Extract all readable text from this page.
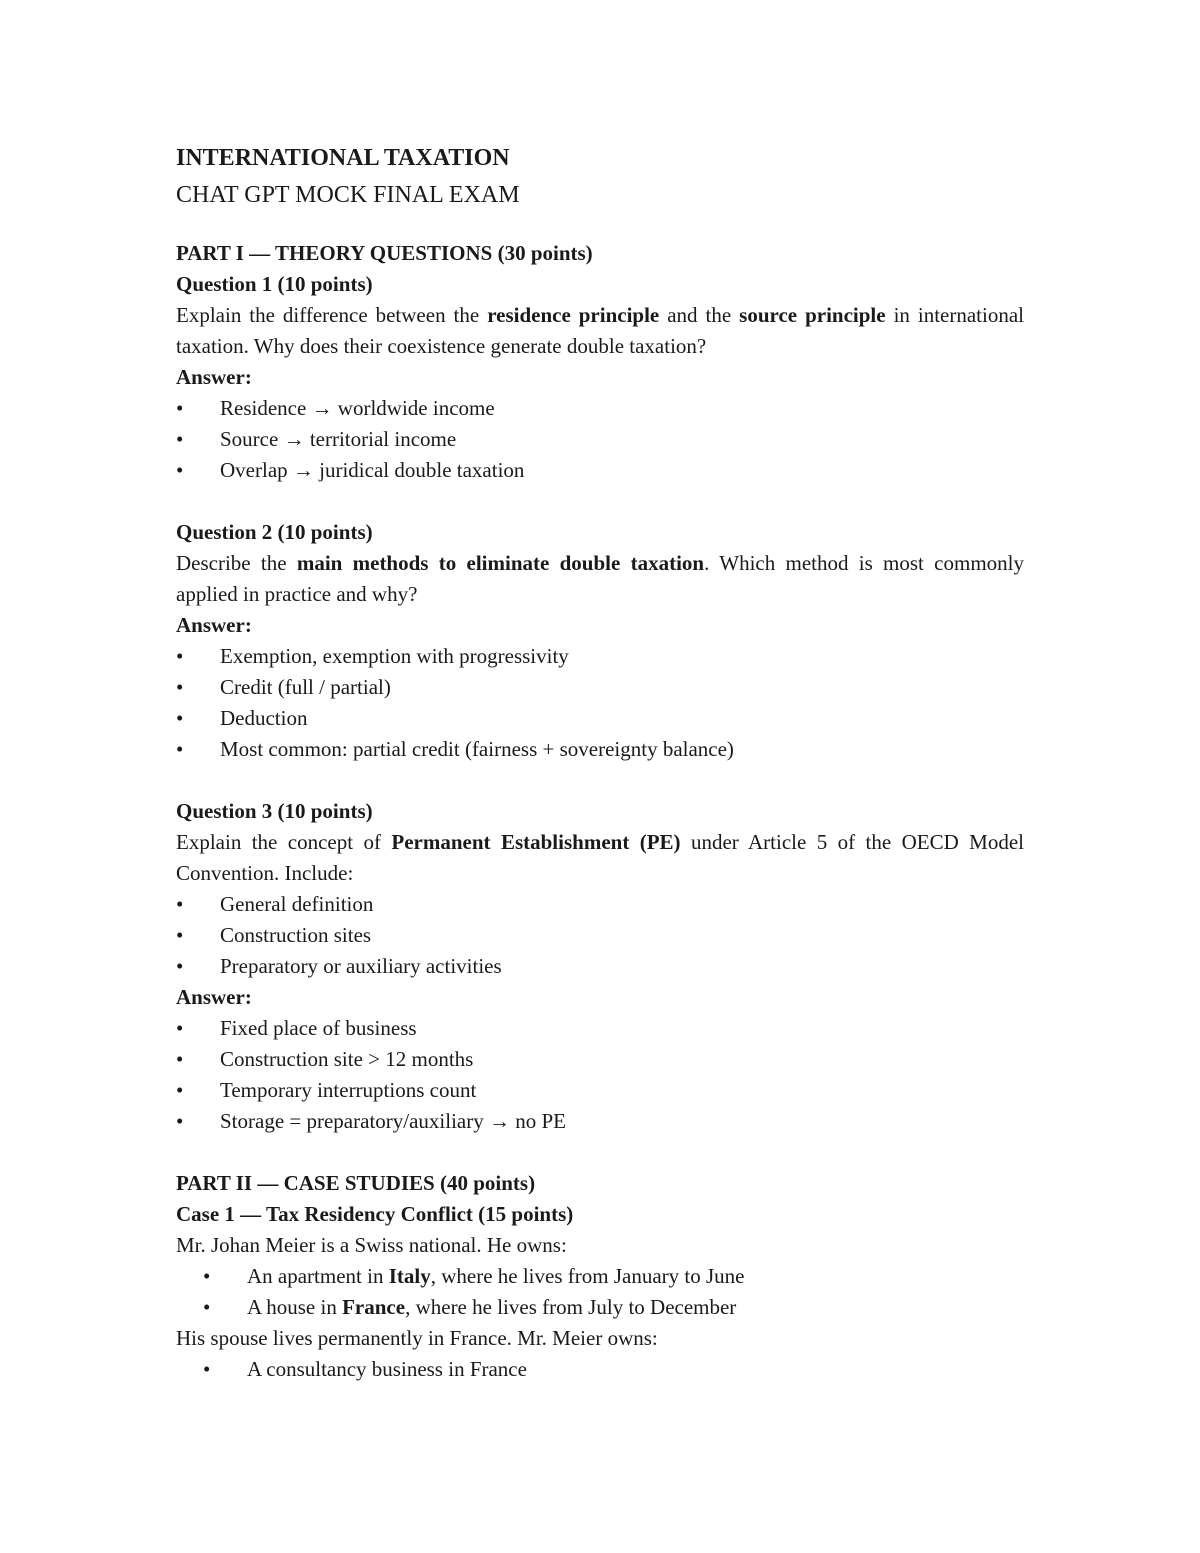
INTERNATIONAL TAXATION

CHAT GPT MOCK FINAL EXAM

PART I — THEORY QUESTIONS (30 points)

Question 1 (10 points)

Explain the difference between the residence principle and the source principle in international taxation. Why does their coexistence generate double taxation?

Answer:

• Residence → worldwide income
• Source → territorial income
• Overlap → juridical double taxation

Question 2 (10 points)

Describe the main methods to eliminate double taxation. Which method is most commonly applied in practice and why?

Answer:

• Exemption, exemption with progressivity
• Credit (full / partial)
• Deduction
• Most common: partial credit (fairness + sovereignty balance)

Question 3 (10 points)

Explain the concept of Permanent Establishment (PE) under Article 5 of the OECD Model Convention. Include:

• General definition
• Construction sites
• Preparatory or auxiliary activities

Answer:

• Fixed place of business
• Construction site > 12 months
• Temporary interruptions count
• Storage = preparatory/auxiliary → no PE

PART II — CASE STUDIES (40 points)

Case 1 — Tax Residency Conflict (15 points)

Mr. Johan Meier is a Swiss national. He owns:

• An apartment in Italy, where he lives from January to June
• A house in France, where he lives from July to December

His spouse lives permanently in France. Mr. Meier owns:

• A consultancy business in France
